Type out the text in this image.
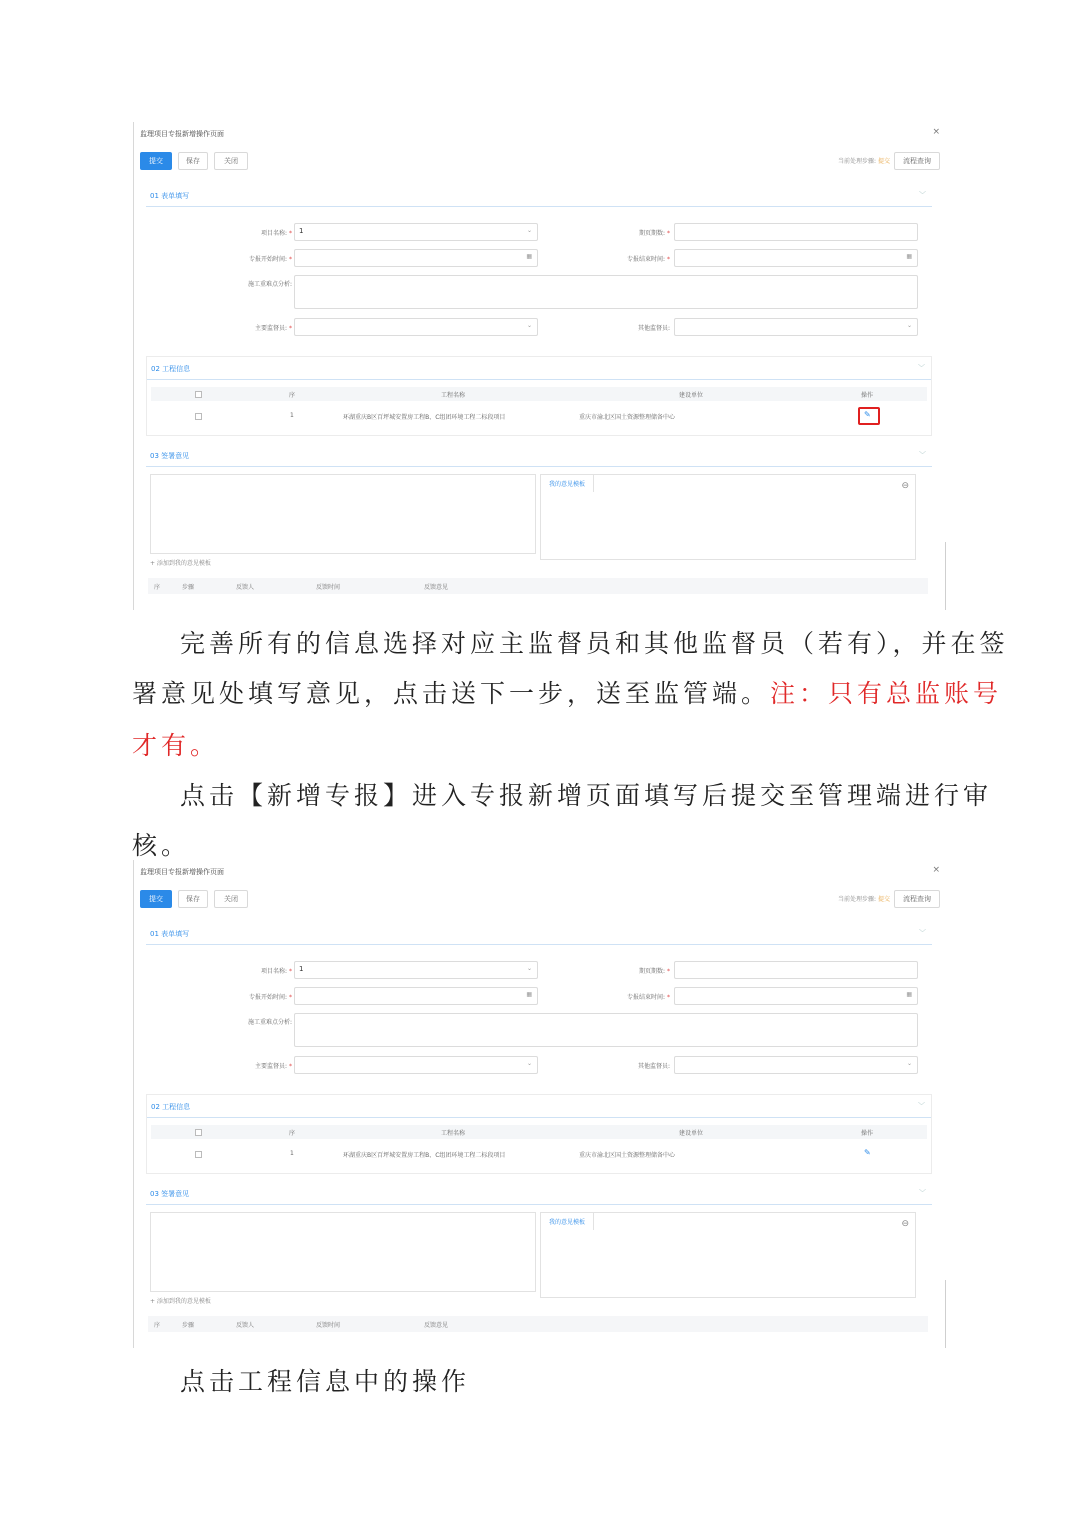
监理项目专报新增操作页面	×
提交	保存	关闭	当前处理步骤: 提交	流程查询
01 表单填写	﹀
项目名称: * 1	⌄	期页期数: *
专报开始时间: *	▦	专报结束时间: *	▦
施工重难点分析:
主要监督员: *	⌄	其他监督员:	⌄
02 工程信息	﹀
序	工程名称	建设单位	操作
1	环湖重庆B区百坪城安置房工程B、C组团环境工程二标段项目	重庆市渝北区国土资源整理储备中心	✎
03 签署意见	﹀
我的意见模板	⊖
+ 添加到我的意见模板
序	步骤	反馈人	反馈时间	反馈意见
完善所有的信息选择对应主监督员和其他监督员（若有），并在签
署意见处填写意见，点击送下一步，送至监管端。注：只有总监账号
才有。
点击【新增专报】进入专报新增页面填写后提交至管理端进行审
核。
监理项目专报新增操作页面	×
提交	保存	关闭	当前处理步骤: 提交	流程查询
01 表单填写	﹀
项目名称: * 1	⌄	期页期数: *
专报开始时间: *	▦	专报结束时间: *	▦
施工重难点分析:
主要监督员: *	⌄	其他监督员:	⌄
02 工程信息	﹀
序	工程名称	建设单位	操作
1	环湖重庆B区百坪城安置房工程B、C组团环境工程二标段项目	重庆市渝北区国土资源整理储备中心	✎
03 签署意见	﹀
我的意见模板	⊖
+ 添加到我的意见模板
序	步骤	反馈人	反馈时间	反馈意见
点击工程信息中的操作
